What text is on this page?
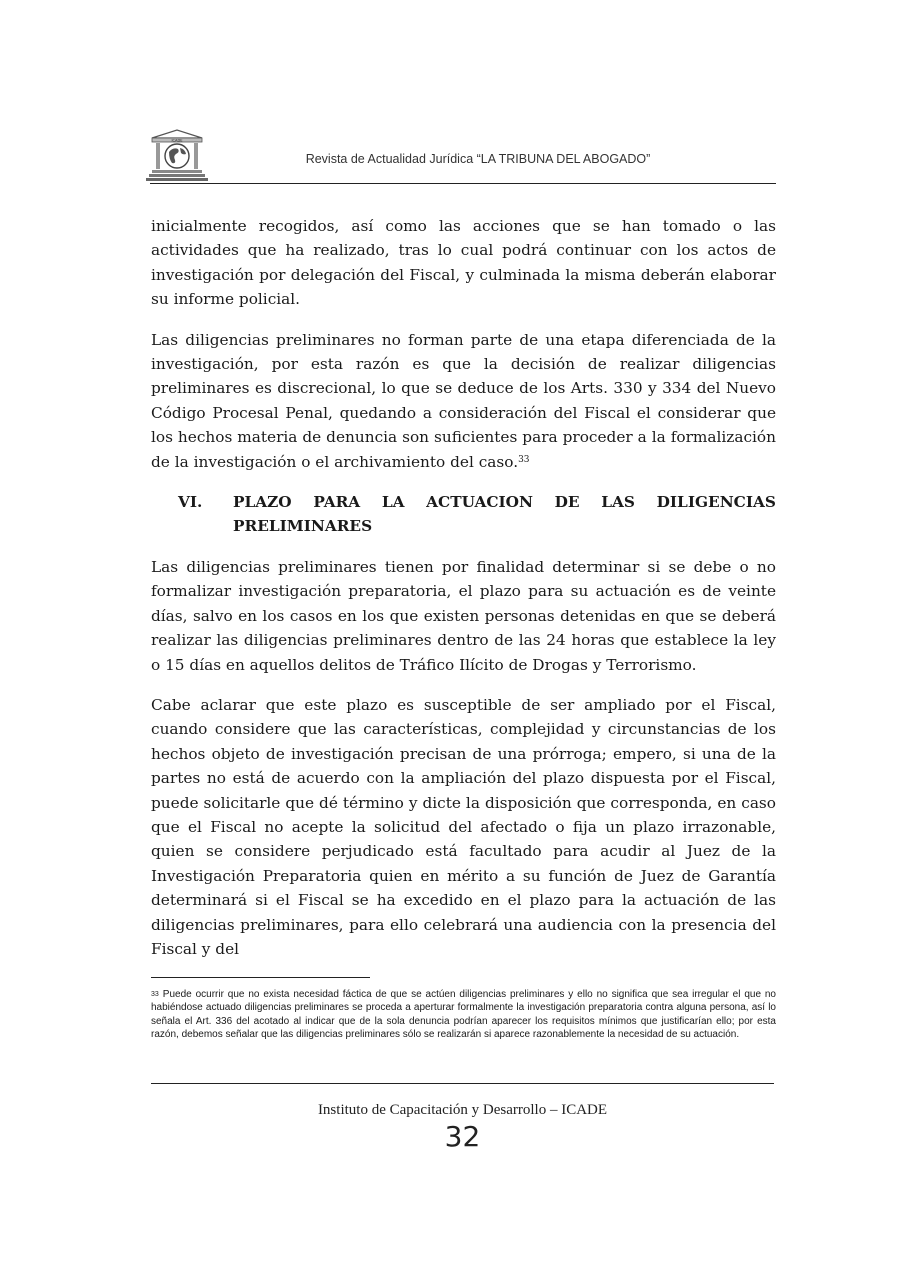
ICADE
Revista de Actualidad Jurídica “LA TRIBUNA DEL ABOGADO”

inicialmente recogidos, así como las acciones que se han tomado o las actividades que ha realizado, tras lo cual podrá continuar con los actos de investigación por delegación del Fiscal, y culminada la misma deberán elaborar su informe policial.

Las diligencias preliminares no forman parte de una etapa diferenciada de la investigación, por esta razón es que la decisión de realizar diligencias preliminares es discrecional, lo que se deduce de los Arts. 330 y 334 del Nuevo Código Procesal Penal, quedando a consideración del Fiscal el considerar que los hechos materia de denuncia son suficientes para proceder a la formalización de la investigación o el archivamiento del caso.$^{33}$

VI.	PLAZO PARA LA ACTUACION DE LAS DILIGENCIAS
PRELIMINARES

Las diligencias preliminares tienen por finalidad determinar si se debe o no formalizar investigación preparatoria, el plazo para su actuación es de veinte días, salvo en los casos en los que existen personas detenidas en que se deberá realizar las diligencias preliminares dentro de las 24 horas que establece la ley o 15 días en aquellos delitos de Tráfico Ilícito de Drogas y Terrorismo.

Cabe aclarar que este plazo es susceptible de ser ampliado por el Fiscal, cuando considere que las características, complejidad y circunstancias de los hechos objeto de investigación precisan de una prórroga; empero, si una de la partes no está de acuerdo con la ampliación del plazo dispuesta por el Fiscal, puede solicitarle que dé término y dicte la disposición que corresponda, en caso que el Fiscal no acepte la solicitud del afectado o fija un plazo irrazonable, quien se considere perjudicado está facultado para acudir al Juez de la Investigación Preparatoria quien en mérito a su función de Juez de Garantía determinará si el Fiscal se ha excedido en el plazo para la actuación de las diligencias preliminares, para ello celebrará una audiencia con la presencia del Fiscal y del

$^{33}$ Puede ocurrir que no exista necesidad fáctica de que se actúen diligencias preliminares y ello no significa que sea irregular el que no habiéndose actuado diligencias preliminares se proceda a aperturar formalmente la investigación preparatoria contra alguna persona, así lo señala el Art. 336 del acotado al indicar que de la sola denuncia podrían aparecer los requisitos mínimos que justificarían ello; por esta razón, debemos señalar que las diligencias preliminares sólo se realizarán si aparece razonablemente la necesidad de su actuación.
Instituto de Capacitación y Desarrollo – ICADE
32
